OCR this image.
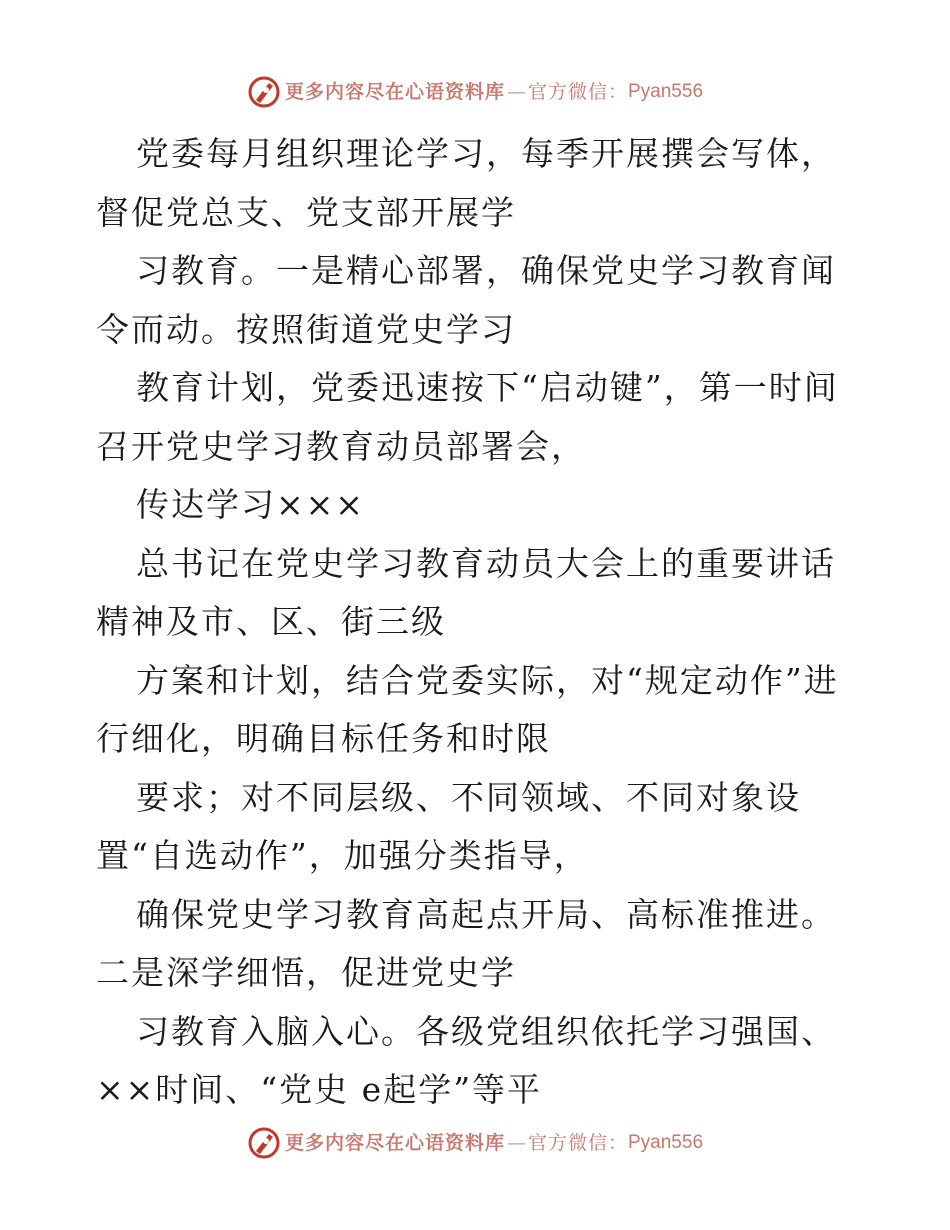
更多内容尽在心语资料库 — 官方微信： Pyan556

党委每月组织理论学习，每季开展撰会写体，督促党总支、党支部开展学

习教育。一是精心部署，确保党史学习教育闻令而动。按照街道党史学习

教育计划，党委迅速按下“启动键”，第一时间召开党史学习教育动员部署会，

传达学习×××

总书记在党史学习教育动员大会上的重要讲话精神及市、区、街三级

方案和计划，结合党委实际，对“规定动作”进行细化，明确目标任务和时限

要求；对不同层级、不同领域、不同对象设置“自选动作”，加强分类指导，

确保党史学习教育高起点开局、高标准推进。二是深学细悟，促进党史学

习教育入脑入心。各级党组织依托学习强国、××时间、“党史 e起学”等平

更多内容尽在心语资料库 — 官方微信： Pyan556
